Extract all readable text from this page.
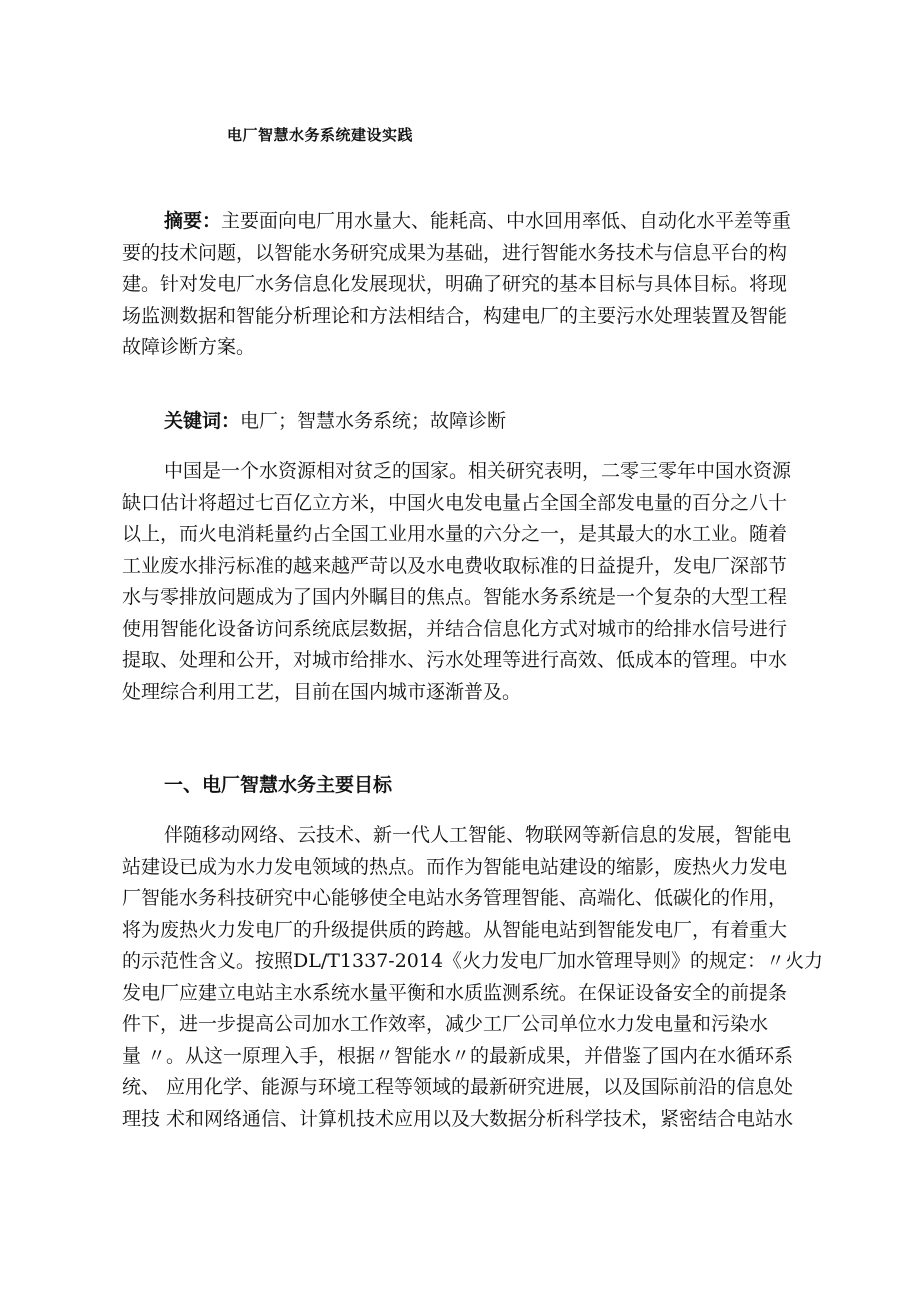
电厂智慧水务系统建设实践
摘要：主要面向电厂用水量大、能耗高、中水回用率低、自动化水平差等重
要的技术问题，以智能水务研究成果为基础，进行智能水务技术与信息平台的构
建。针对发电厂水务信息化发展现状，明确了研究的基本目标与具体目标。将现
场监测数据和智能分析理论和方法相结合，构建电厂的主要污水处理装置及智能
故障诊断方案。
关键词：电厂；智慧水务系统；故障诊断
中国是一个水资源相对贫乏的国家。相关研究表明，二零三零年中国水资源
缺口估计将超过七百亿立方米，中国火电发电量占全国全部发电量的百分之八十
以上，而火电消耗量约占全国工业用水量的六分之一，是其最大的水工业。随着
工业废水排污标准的越来越严苛以及水电费收取标准的日益提升，发电厂深部节
水与零排放问题成为了国内外瞩目的焦点。智能水务系统是一个复杂的大型工程
使用智能化设备访问系统底层数据，并结合信息化方式对城市的给排水信号进行
提取、处理和公开，对城市给排水、污水处理等进行高效、低成本的管理。中水
处理综合利用工艺，目前在国内城市逐渐普及。
一、电厂智慧水务主要目标
伴随移动网络、云技术、新一代人工智能、物联网等新信息的发展，智能电
站建设已成为水力发电领域的热点。而作为智能电站建设的缩影，废热火力发电
厂智能水务科技研究中心能够使全电站水务管理智能、高端化、低碳化的作用，
将为废热火力发电厂的升级提供质的跨越。从智能电站到智能发电厂，有着重大
的示范性含义。按照DL/T1337-2014《火力发电厂加水管理导则》的规定：〃火力
发电厂应建立电站主水系统水量平衡和水质监测系统。在保证设备安全的前提条
件下，进一步提高公司加水工作效率，减少工厂公司单位水力发电量和污染水
量 〃。从这一原理入手，根据〃智能水〃的最新成果，并借鉴了国内在水循环系
统、 应用化学、能源与环境工程等领域的最新研究进展，以及国际前沿的信息处
理技 术和网络通信、计算机技术应用以及大数据分析科学技术，紧密结合电站水
